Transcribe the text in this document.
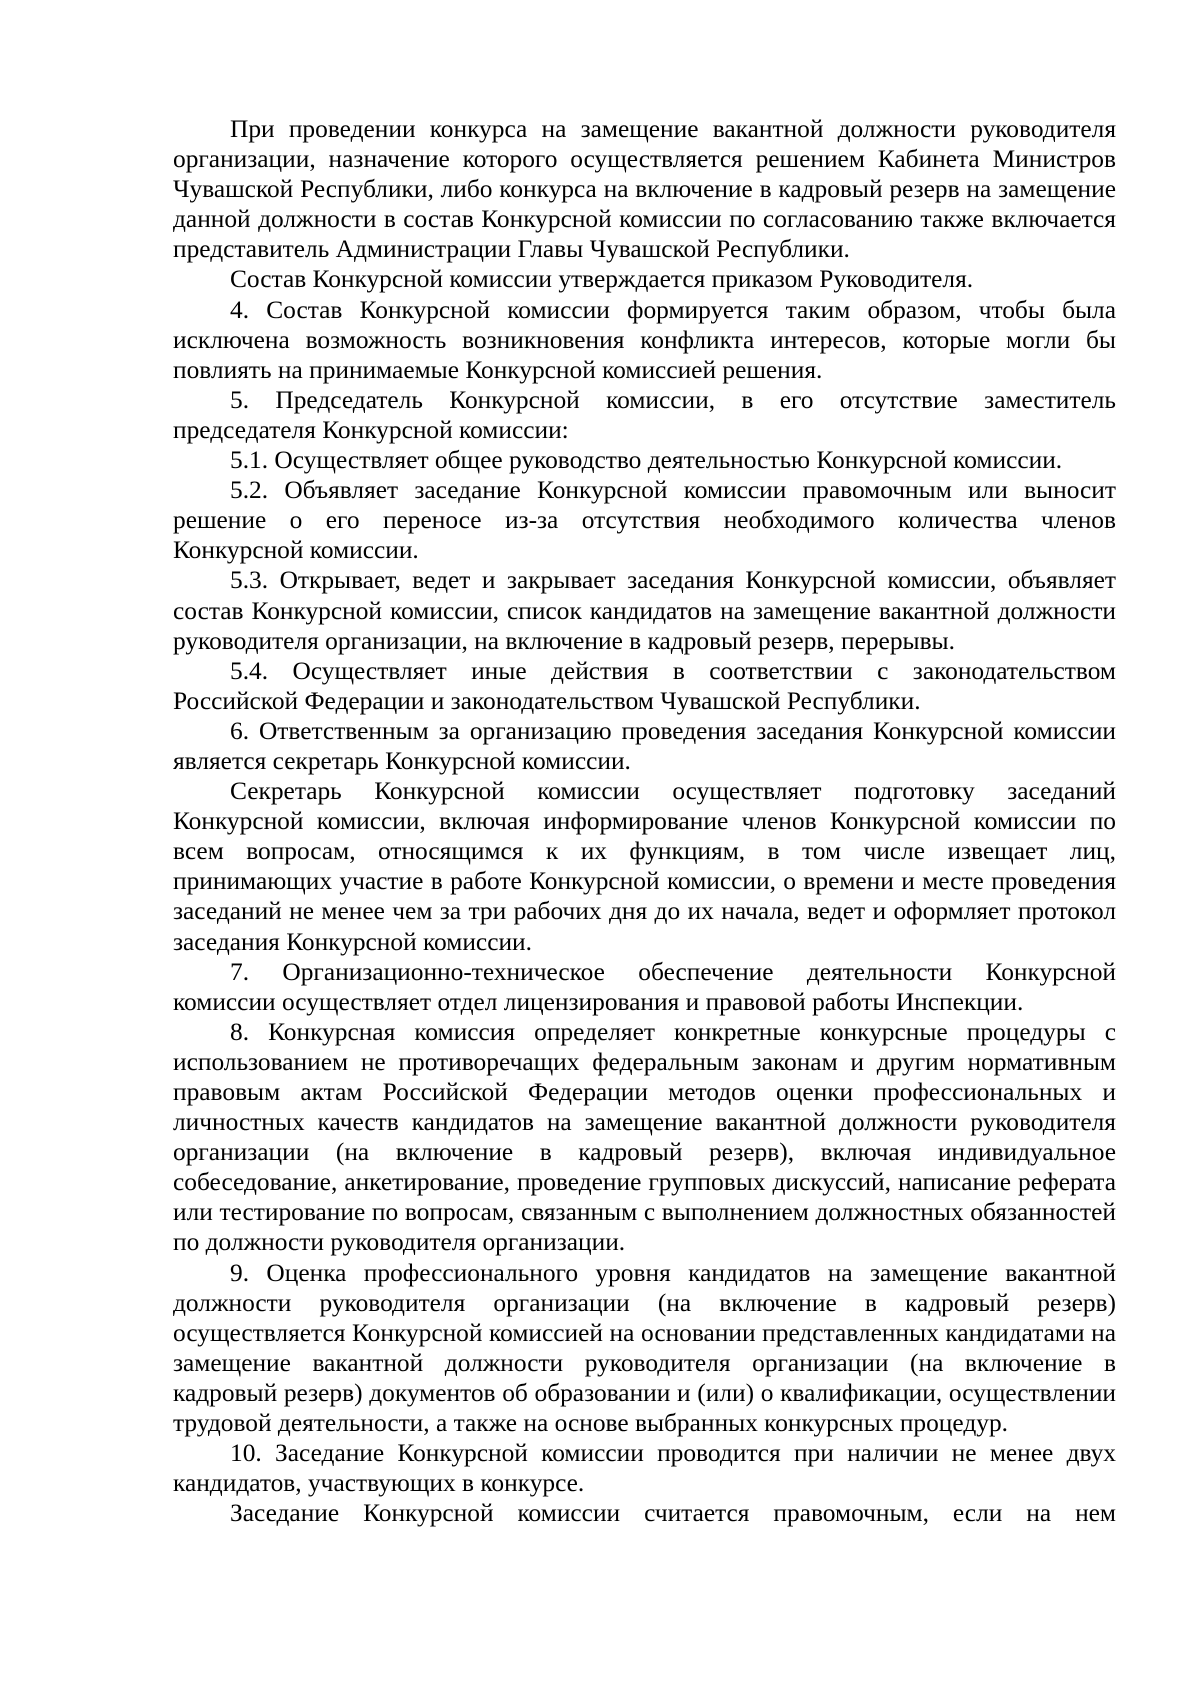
При проведении конкурса на замещение вакантной должности руководителя организации, назначение которого осуществляется решением Кабинета Министров Чувашской Республики, либо конкурса на включение в кадровый резерв на замещение данной должности в состав Конкурсной комиссии по согласованию также включается представитель Администрации Главы Чувашской Республики.

Состав Конкурсной комиссии утверждается приказом Руководителя.

4. Состав Конкурсной комиссии формируется таким образом, чтобы была исключена возможность возникновения конфликта интересов, которые могли бы повлиять на принимаемые Конкурсной комиссией решения.

5. Председатель Конкурсной комиссии, в его отсутствие заместитель председателя Конкурсной комиссии:

5.1. Осуществляет общее руководство деятельностью Конкурсной комиссии.

5.2. Объявляет заседание Конкурсной комиссии правомочным или выносит решение о его переносе из-за отсутствия необходимого количества членов Конкурсной комиссии.

5.3. Открывает, ведет и закрывает заседания Конкурсной комиссии, объявляет состав Конкурсной комиссии, список кандидатов на замещение вакантной должности руководителя организации, на включение в кадровый резерв, перерывы.

5.4. Осуществляет иные действия в соответствии с законодательством Российской Федерации и законодательством Чувашской Республики.

6. Ответственным за организацию проведения заседания Конкурсной комиссии является секретарь Конкурсной комиссии.

Секретарь Конкурсной комиссии осуществляет подготовку заседаний Конкурсной комиссии, включая информирование членов Конкурсной комиссии по всем вопросам, относящимся к их функциям, в том числе извещает лиц, принимающих участие в работе Конкурсной комиссии, о времени и месте проведения заседаний не менее чем за три рабочих дня до их начала, ведет и оформляет протокол заседания Конкурсной комиссии.

7. Организационно-техническое обеспечение деятельности Конкурсной комиссии осуществляет отдел лицензирования и правовой работы Инспекции.

8. Конкурсная комиссия определяет конкретные конкурсные процедуры с использованием не противоречащих федеральным законам и другим нормативным правовым актам Российской Федерации методов оценки профессиональных и личностных качеств кандидатов на замещение вакантной должности руководителя организации (на включение в кадровый резерв), включая индивидуальное собеседование, анкетирование, проведение групповых дискуссий, написание реферата или тестирование по вопросам, связанным с выполнением должностных обязанностей по должности руководителя организации.

9. Оценка профессионального уровня кандидатов на замещение вакантной должности руководителя организации (на включение в кадровый резерв) осуществляется Конкурсной комиссией на основании представленных кандидатами на замещение вакантной должности руководителя организации (на включение в кадровый резерв) документов об образовании и (или) о квалификации, осуществлении трудовой деятельности, а также на основе выбранных конкурсных процедур.

10. Заседание Конкурсной комиссии проводится при наличии не менее двух кандидатов, участвующих в конкурсе.

Заседание Конкурсной комиссии считается правомочным, если на нем
